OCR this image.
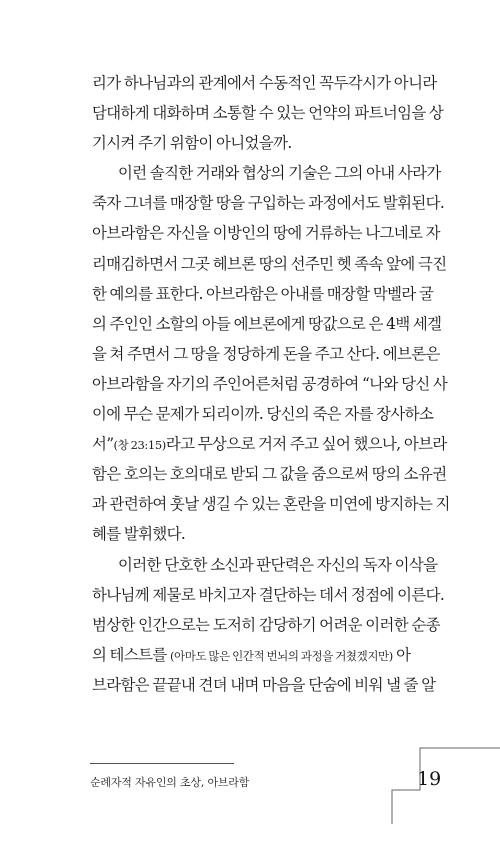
리가 하나님과의 관계에서 수동적인 꼭두각시가 아니라
담대하게 대화하며 소통할 수 있는 언약의 파트너임을 상
기시켜 주기 위함이 아니었을까.
이런 솔직한 거래와 협상의 기술은 그의 아내 사라가
죽자 그녀를 매장할 땅을 구입하는 과정에서도 발휘된다.
아브라함은 자신을 이방인의 땅에 거류하는 나그네로 자
리매김하면서 그곳 헤브론 땅의 선주민 헷 족속 앞에 극진
한 예의를 표한다. 아브라함은 아내를 매장할 막벨라 굴
의 주인인 소할의 아들 에브론에게 땅값으로 은 4백 세겔
을 쳐 주면서 그 땅을 정당하게 돈을 주고 산다. 에브론은
아브라함을 자기의 주인어른처럼 공경하여 “나와 당신 사
이에 무슨 문제가 되리이까. 당신의 죽은 자를 장사하소
서”(창 23:15)라고 무상으로 거저 주고 싶어 했으나, 아브라
함은 호의는 호의대로 받되 그 값을 줌으로써 땅의 소유권
과 관련하여 훗날 생길 수 있는 혼란을 미연에 방지하는 지
혜를 발휘했다.
이러한 단호한 소신과 판단력은 자신의 독자 이삭을
하나님께 제물로 바치고자 결단하는 데서 정점에 이른다.
범상한 인간으로는 도저히 감당하기 어려운 이러한 순종
의 테스트를 (아마도 많은 인간적 번뇌의 과정을 거쳤겠지만) 아
브라함은 끝끝내 견뎌 내며 마음을 단숨에 비워 낼 줄 알
순례자적 자유인의 초상, 아브라함	19
